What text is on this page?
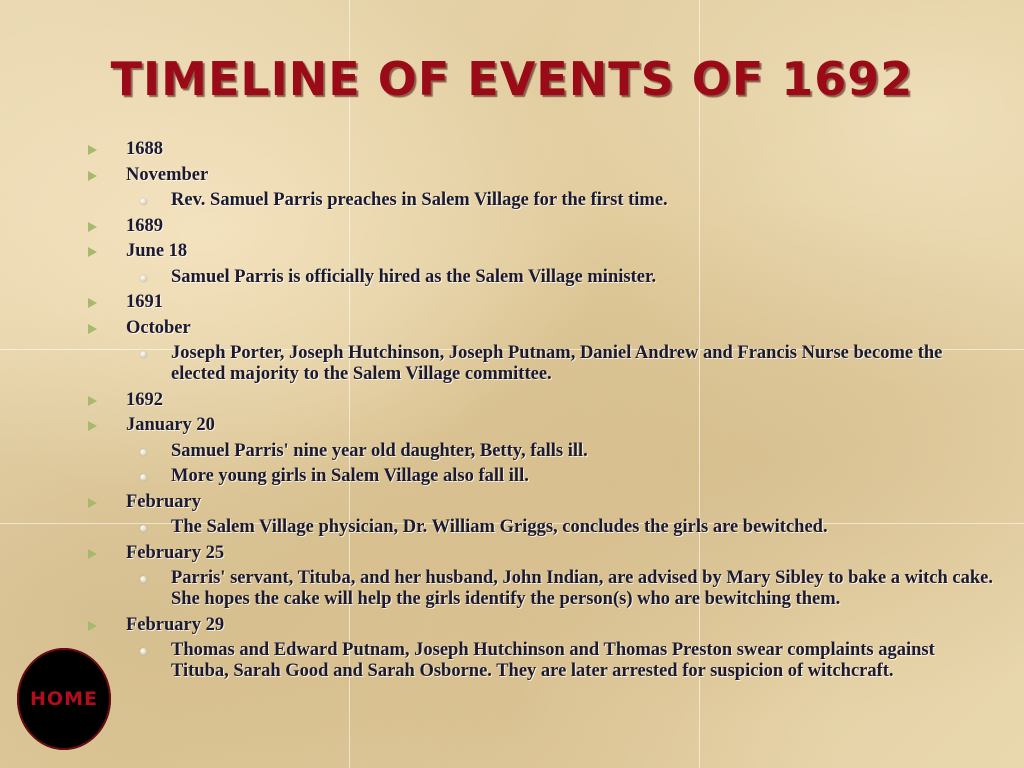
TIMELINE OF EVENTS OF 1692
1688
November
Rev. Samuel Parris preaches in Salem Village for the first time.
1689
June 18
Samuel Parris is officially hired as the Salem Village minister.
1691
October
Joseph Porter, Joseph Hutchinson, Joseph Putnam, Daniel Andrew and Francis Nurse become the elected majority to the Salem Village committee.
1692
January 20
Samuel Parris' nine year old daughter, Betty, falls ill.
More young girls in Salem Village also fall ill.
February
The Salem Village physician, Dr. William Griggs, concludes the girls are bewitched.
February 25
Parris' servant, Tituba, and her husband, John Indian, are advised by Mary Sibley to bake a witch cake. She hopes the cake will help the girls identify the person(s) who are bewitching them.
February 29
Thomas and Edward Putnam, Joseph Hutchinson and Thomas Preston swear complaints against Tituba, Sarah Good and Sarah Osborne. They are later arrested for suspicion of witchcraft.
HOME
